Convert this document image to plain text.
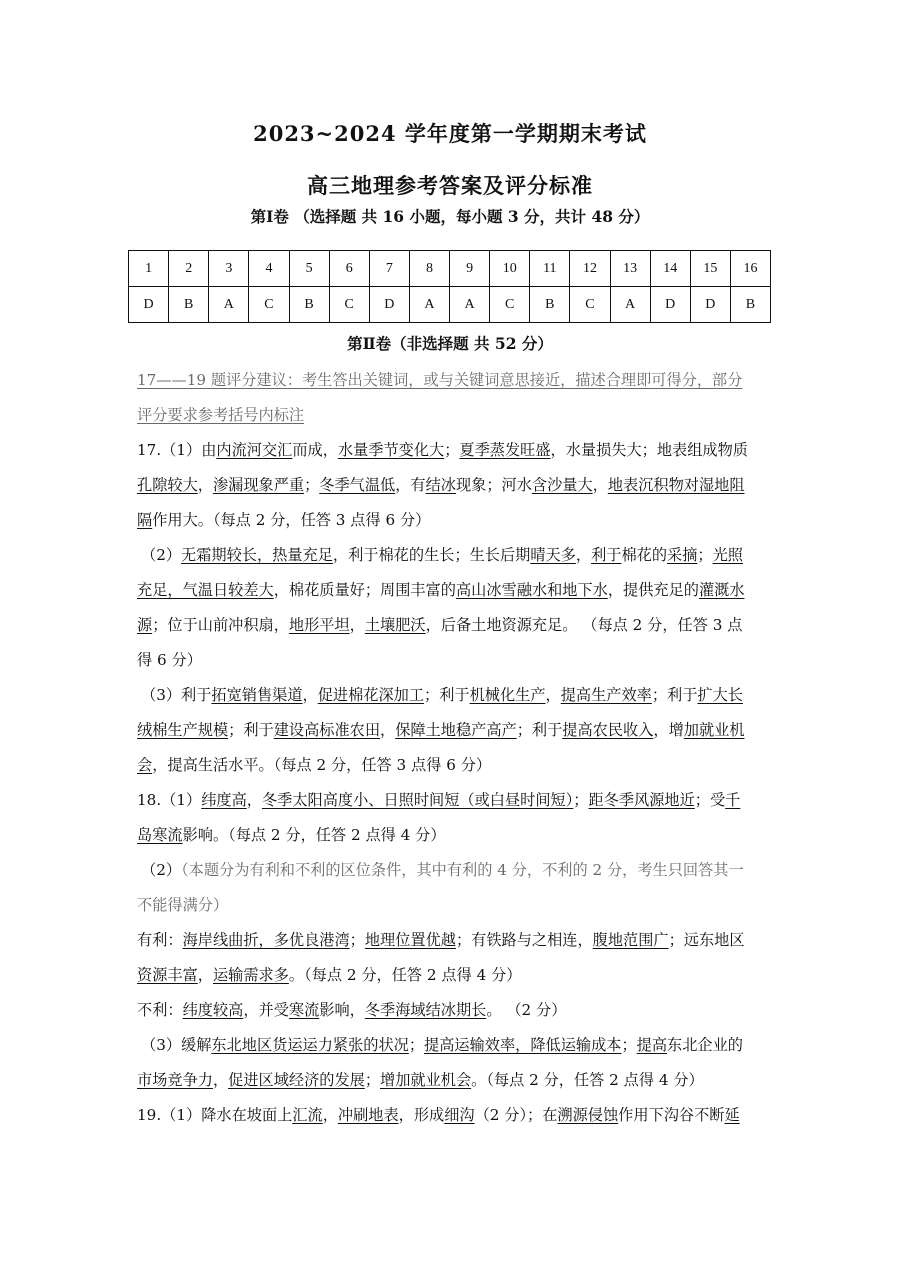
2023~2024 学年度第一学期期末考试
高三地理参考答案及评分标准
第Ⅰ卷 （选择题 共 16 小题，每小题 3 分，共计 48 分）
1	2	3	4	5	6	7	8	9	10	11	12	13	14	15	16
D	B	A	C	B	C	D	A	A	C	B	C	A	D	D	B
第Ⅱ卷（非选择题 共 52 分）
17——19 题评分建议：考生答出关键词，或与关键词意思接近，描述合理即可得分，部分
评分要求参考括号内标注
17.（1）由内流河交汇而成，水量季节变化大；夏季蒸发旺盛，水量损失大；地表组成物质
孔隙较大，渗漏现象严重；冬季气温低，有结冰现象；河水含沙量大，地表沉积物对湿地阻
隔作用大。（每点 2 分，任答 3 点得 6 分）
（2）无霜期较长，热量充足，利于棉花的生长；生长后期晴天多，利于棉花的采摘；光照
充足，气温日较差大，棉花质量好；周围丰富的高山冰雪融水和地下水，提供充足的灌溉水
源；位于山前冲积扇，地形平坦，土壤肥沃，后备土地资源充足。 （每点 2 分，任答 3 点
得 6 分）
（3）利于拓宽销售渠道，促进棉花深加工；利于机械化生产，提高生产效率；利于扩大长
绒棉生产规模；利于建设高标准农田，保障土地稳产高产；利于提高农民收入，增加就业机
会，提高生活水平。（每点 2 分，任答 3 点得 6 分）
18.（1）纬度高，冬季太阳高度小、日照时间短（或白昼时间短）；距冬季风源地近；受千
岛寒流影响。（每点 2 分，任答 2 点得 4 分）
（2）（本题分为有利和不利的区位条件，其中有利的 4 分，不利的 2 分，考生只回答其一
不能得满分）
有利：海岸线曲折，多优良港湾；地理位置优越；有铁路与之相连，腹地范围广；远东地区
资源丰富，运输需求多。（每点 2 分，任答 2 点得 4 分）
不利：纬度较高，并受寒流影响，冬季海域结冰期长。 （2 分）
（3）缓解东北地区货运运力紧张的状况；提高运输效率，降低运输成本；提高东北企业的
市场竞争力，促进区域经济的发展；增加就业机会。（每点 2 分，任答 2 点得 4 分）
19.（1）降水在坡面上汇流，冲刷地表，形成细沟（2 分）；在溯源侵蚀作用下沟谷不断延
